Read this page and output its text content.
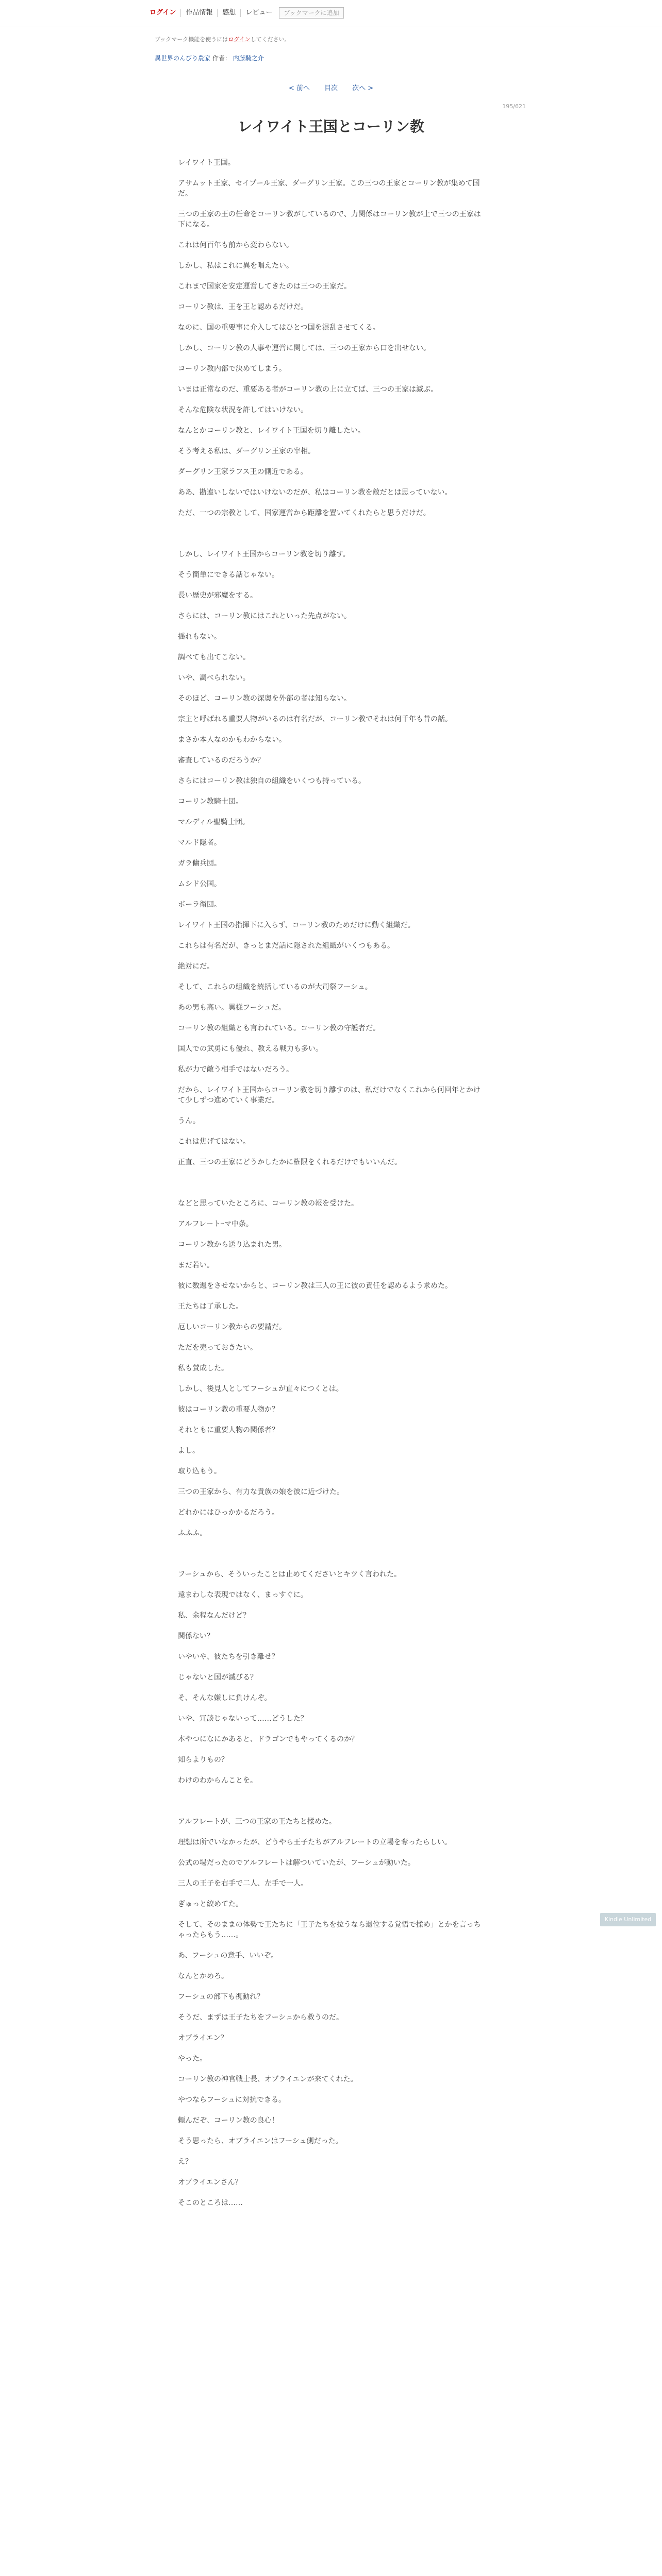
ログイン	作品情報	感想	レビュー	ブックマークに追加
ブックマーク機能を使うにはログインしてください。
異世界のんびり農家 作者： 内藤騎之介
< 前へ 目次 次へ >
195/621
レイワイト王国とコーリン教

レイワイト王国。

アサムット王家、セイプール王家、ダーグリン王家。この三つの王家とコーリン教が集めて国だ。

三つの王家の王の任命をコーリン教がしているので、力関係はコーリン教が上で三つの王家は下になる。

これは何百年も前から変わらない。

しかし、私はこれに異を唱えたい。

これまで国家を安定運営してきたのは三つの王家だ。

コーリン教は、王を王と認めるだけだ。

なのに、国の重要事に介入してはひとつ国を混乱させてくる。

しかし、コーリン教の人事や運営に関しては、三つの王家から口を出せない。

コーリン教内部で決めてしまう。

いまは正常なのだ、重要ある者がコーリン教の上に立てば、三つの王家は滅ぶ。

そんな危険な状況を許してはいけない。

なんとかコーリン教と、レイワイト王国を切り離したい。

そう考える私は、ダーグリン王家の宰相。

ダーグリン王家ラフス王の側近である。

ああ、勘違いしないではいけないのだが、私はコーリン教を敵だとは思っていない。

ただ、一つの宗教として、国家運営から距離を置いてくれたらと思うだけだ。

しかし、レイワイト王国からコーリン教を切り離す。

そう簡単にできる話じゃない。

長い歴史が邪魔をする。

さらには、コーリン教にはこれといった先点がない。

揺れもない。

調べても出てこない。

いや、調べられない。

そのほど、コーリン教の深奥を外部の者は知らない。

宗主と呼ばれる重要人物がいるのは有名だが、コーリン教でそれは何千年も昔の話。

まさか本人なのかもわからない。

審査しているのだろうか？

さらにはコーリン教は独自の組織をいくつも持っている。

コーリン教騎士団。

マルディル聖騎士団。

マルド隠者。

ガラ傭兵団。

ムシド公国。

ボーラ衛団。

レイワイト王国の指揮下に入らず、コーリン教のためだけに動く組織だ。

これらは有名だが、きっとまだ話に隠された組織がいくつもある。

絶対にだ。

そして、これらの組織を統括しているのが大司祭フーシュ。

あの男も高い。異様フーシュだ。

コーリン教の組織とも言われている。コーリン教の守護者だ。

国人での武勇にも優れ、教える戦力も多い。

私が力で敵う相手ではないだろう。

だから、レイワイト王国からコーリン教を切り離すのは、私だけでなくこれから何回年とかけて少しずつ進めていく事業だ。

うん。

これは焦げてはない。

正直、三つの王家にどうかしたかに権限をくれるだけでもいいんだ。

などと思っていたところに、コーリン教の報を受けた。

アルフレートｰマ中条。

コーリン教から送り込まれた男。

まだ若い。

彼に数週をさせないからと、コーリン教は三人の王に彼の責任を認めるよう求めた。

王たちは了承した。

厄しいコーリン教からの要請だ。

ただを売っておきたい。

私も賛成した。

しかし、後見人としてフーシュが直々につくとは。

彼はコーリン教の重要人物か？

それともに重要人物の関係者？

よし。

取り込もう。

三つの王家から、有力な貴族の娘を彼に近づけた。

どれかにはひっかかるだろう。

ふふふ。

フーシュから、そういったことは止めてくださいとキツく言われた。

遠まわしな表現ではなく、まっすぐに。

私、余程なんだけど？

関係ない？

いやいや、彼たちを引き離せ？

じゃないと国が滅びる？

そ、そんな嫌しに負けんぞ。

いや、冗談じゃないって……どうした？

本やつになにかあると、ドラゴンでもやってくるのか？

知らよりもの？

わけのわからんことを。

アルフレートが、三つの王家の王たちと揉めた。

理想は所でいなかったが、どうやら王子たちがアルフレートの立場を奪ったらしい。

公式の場だったのでアルフレートは解ついていたが、フーシュが動いた。

三人の王子を右手で二人、左手で一人。

ぎゅっと絞めてた。

そして、そのままの体勢で王たちに「王子たちを拉うなら退位する覚悟で揉め」とかを言っちゃったらもう……。

あ、フーシュの意手、いいぞ。

なんとかめろ。

フーシュの部下も視動れ？

そうだ、まずは王子たちをフーシュから救うのだ。

オブライエン？

やった。

コーリン教の神官戦士長、オブライエンが来てくれた。

やつならフーシュに対抗できる。

頼んだぞ、コーリン教の良心！

そう思ったら、オブライエンはフーシュ側だった。

え？

オブライエンさん？

そこのところは……

Kindle Unlimited
